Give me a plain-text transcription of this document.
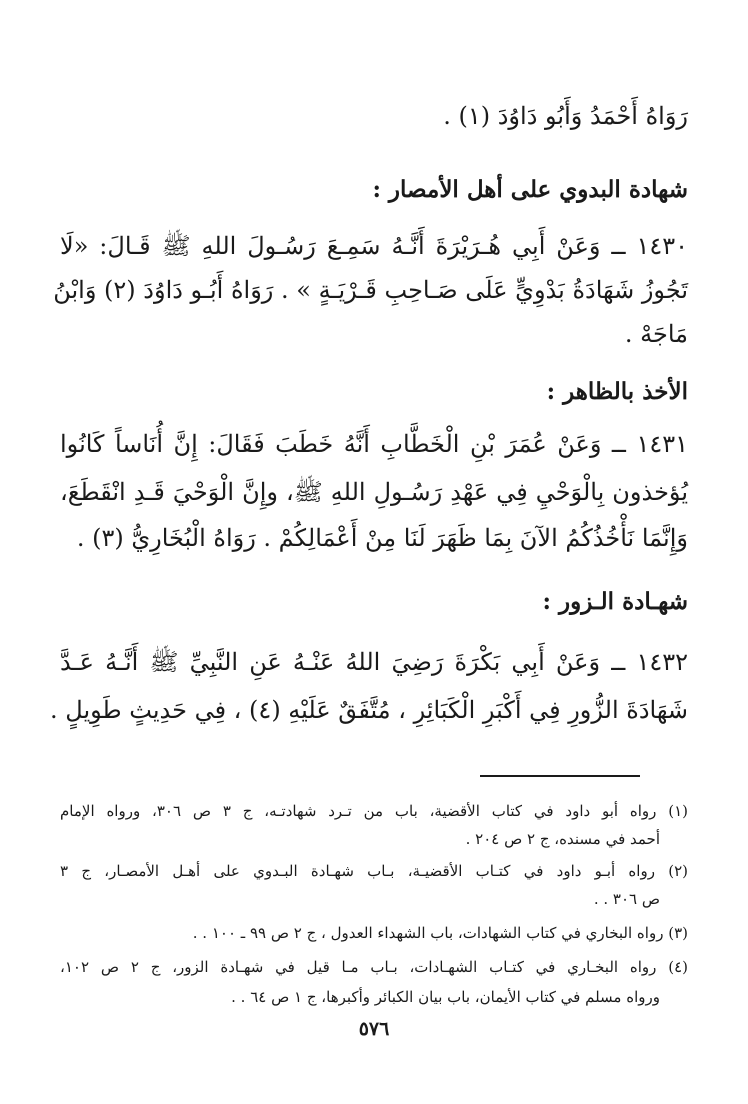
رَوَاهُ أَحْمَدُ وَأَبُو دَاوُدَ (١) .
شهادة البدوي على أهل الأمصار :
١٤٣٠ ــ وَعَنْ أَبِي هُـرَيْرَةَ أَنَّـهُ سَمِـعَ رَسُـولَ اللهِ ﷺ قَـالَ: «لَا
تَجُوزُ شَهَادَةُ بَدْوِيٍّ عَلَى صَـاحِبِ قَـرْيَـةٍ » . رَوَاهُ أَبُـو دَاوُدَ (٢) وَابْنُ
مَاجَهْ .
الأخذ بالظاهر :
١٤٣١ ــ وَعَنْ عُمَرَ بْنِ الْخَطَّابِ أَنَّهُ خَطَبَ فَقَالَ: إِنَّ أُنَاساً كَانُوا
يُؤخذون بِالْوَحْيِ فِي عَهْدِ رَسُـولِ اللهِ ﷺ، وإِنَّ الْوَحْيَ قَـدِ انْقَطَعَ،
وَإِنَّمَا نَأْخُذُكُمُ الآنَ بِمَا ظَهَرَ لَنَا مِنْ أَعْمَالِكُمْ . رَوَاهُ الْبُخَارِيُّ (٣) .
شهـادة الـزور :
١٤٣٢ ــ وَعَنْ أَبِي بَكْرَةَ رَضِيَ اللهُ عَنْـهُ عَنِ النَّبِيِّ ﷺ أَنَّـهُ عَـدَّ
شَهَادَةَ الزُّورِ فِي أَكْبَرِ الْكَبَائِرِ ، مُتَّفَقٌ عَلَيْهِ (٤) ، فِي حَدِيثٍ طَوِيلٍ .
(١) رواه أبو داود في كتاب الأقضية، باب من تـرد شهادتـه، ج ٣ ص ٣٠٦، ورواه الإمام
أحمد في مسنده، ج ٢ ص ٢٠٤ .
(٢) رواه أبـو داود في كتـاب الأقضيـة، بـاب شهـادة البـدوي على أهـل الأمصـار، ج ٣
ص ٣٠٦ . .
(٣) رواه البخاري في كتاب الشهادات، باب الشهداء العدول ، ج ٢ ص ٩٩ ـ ١٠٠ . .
(٤) رواه البخـاري في كتـاب الشهـادات، بـاب مـا قيل في شهـادة الزور، ج ٢ ص ١٠٢،
ورواه مسلم في كتاب الأيمان، باب بيان الكبائر وأكبرها، ج ١ ص ٦٤ . .
٥٧٦
